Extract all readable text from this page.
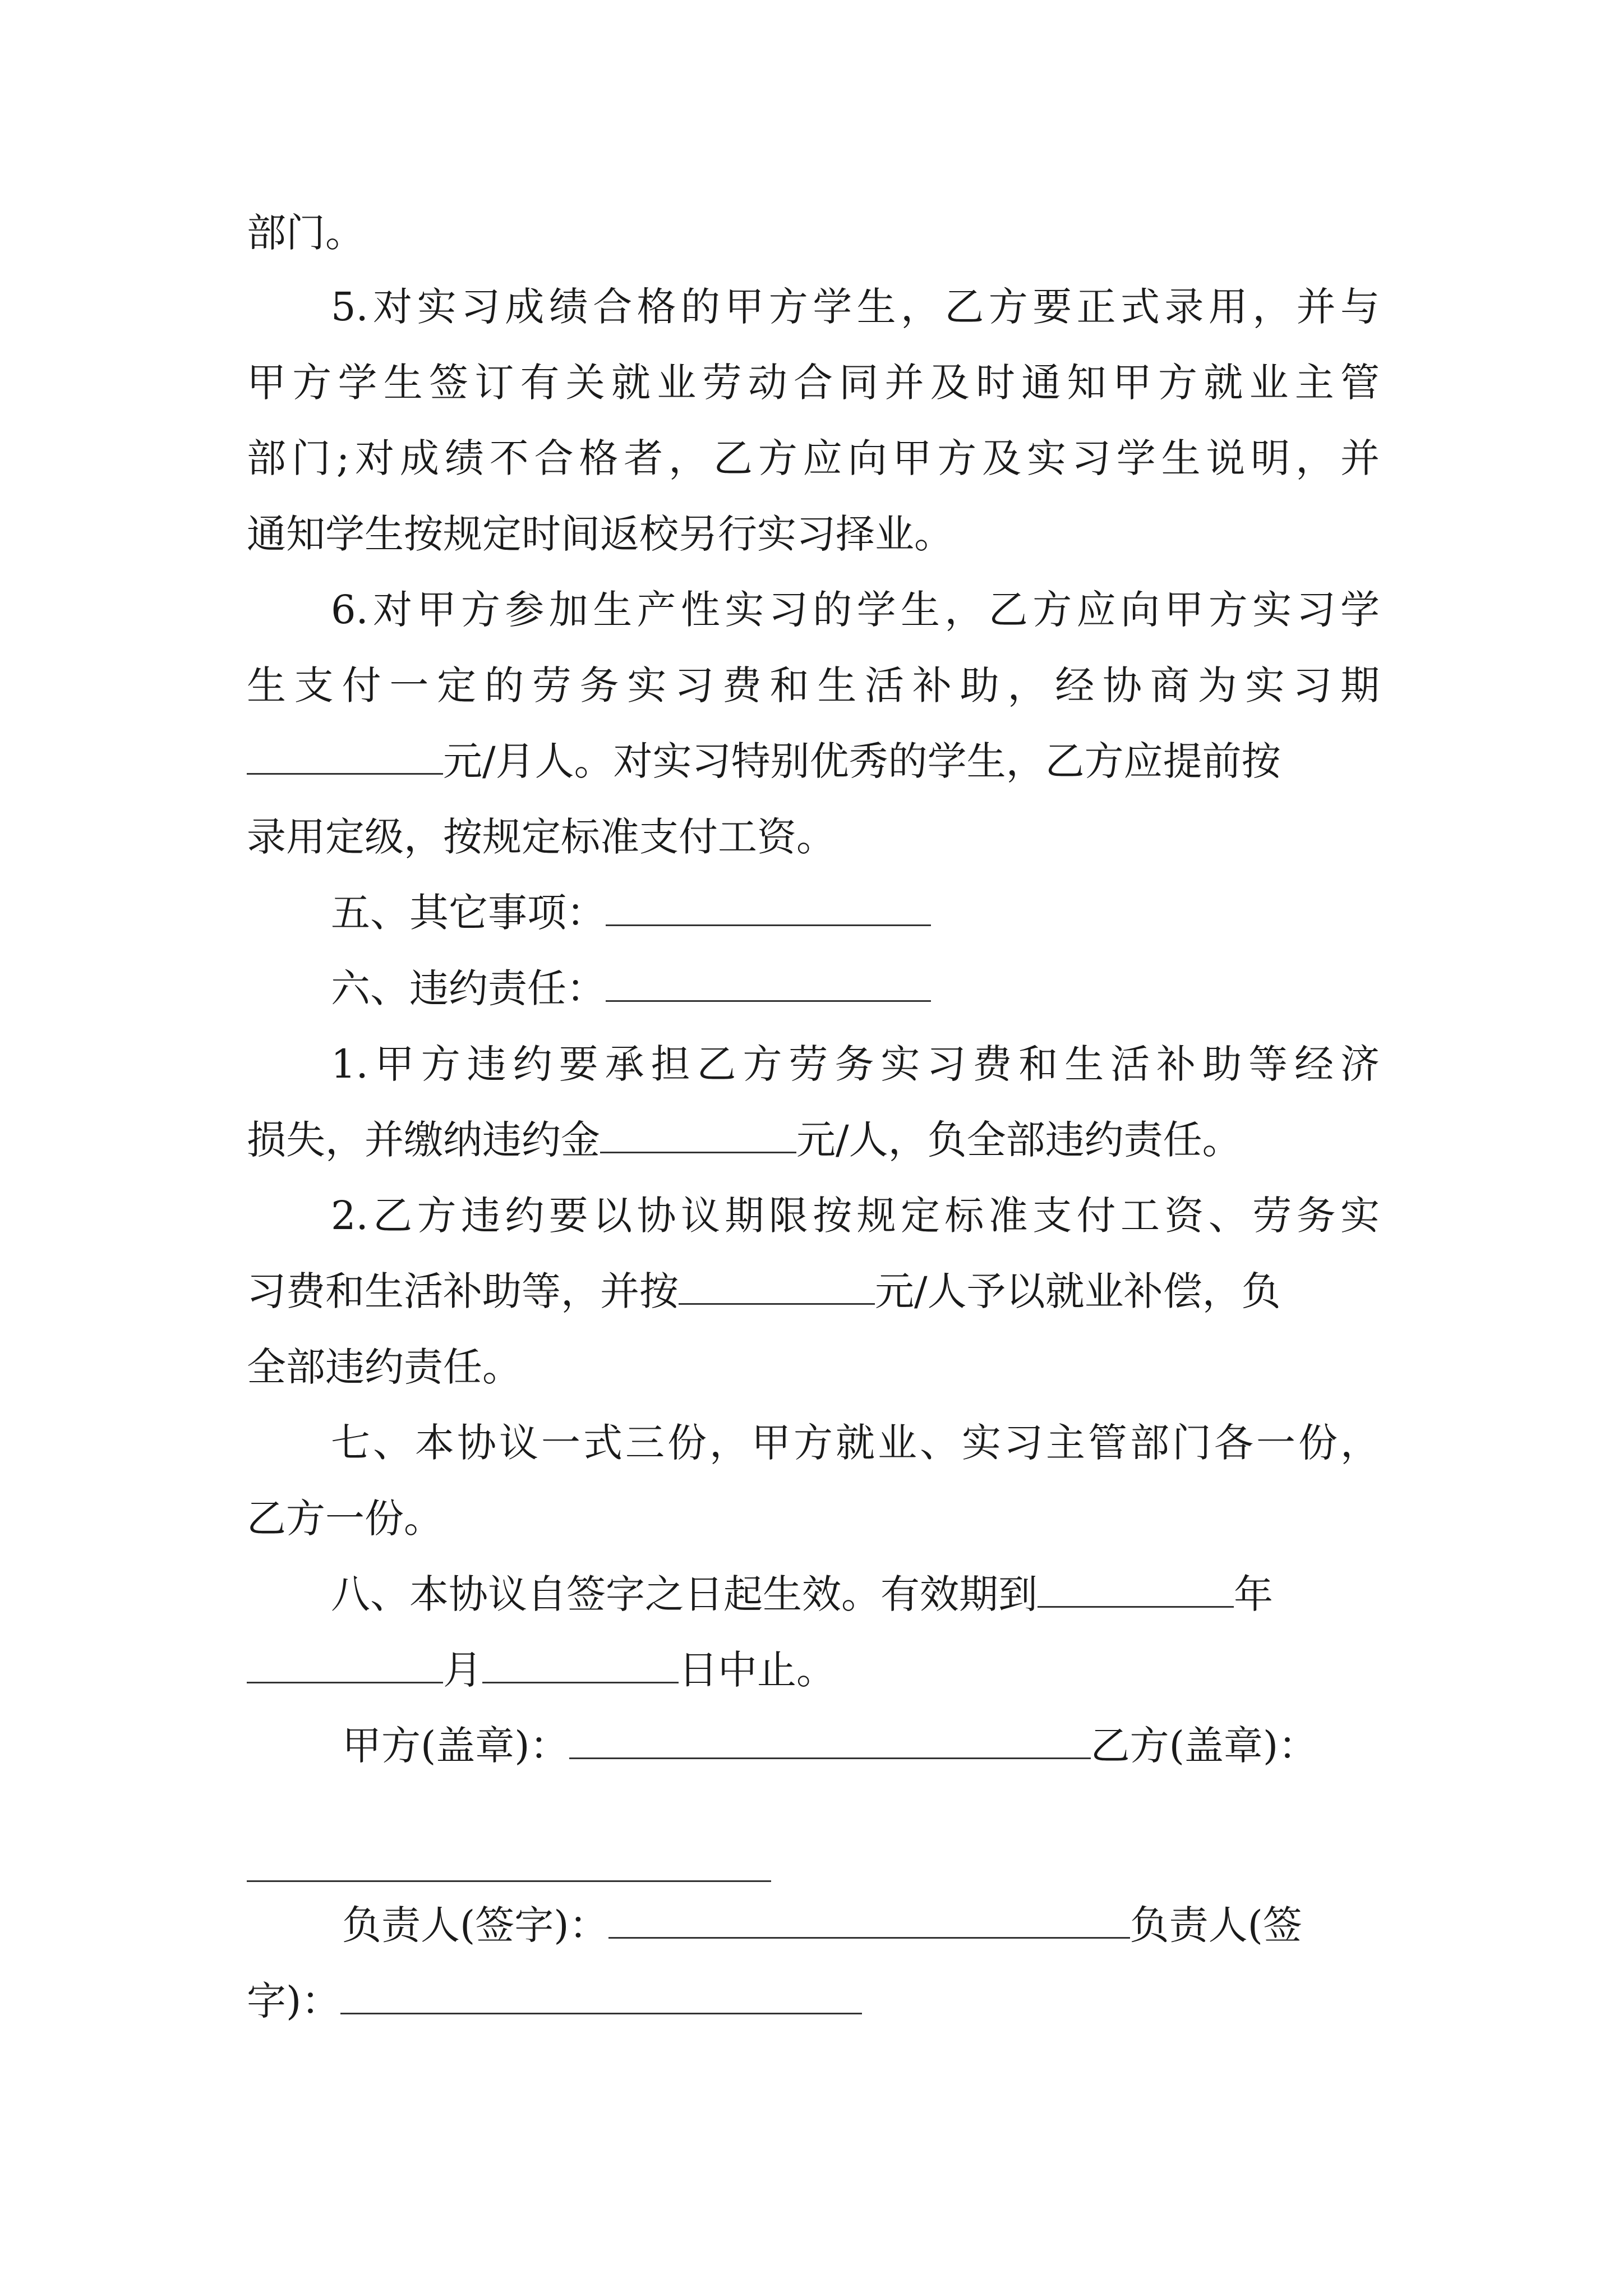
部门。
5.对实习成绩合格的甲方学生，乙方要正式录用，并与
甲方学生签订有关就业劳动合同并及时通知甲方就业主管
部门;对成绩不合格者，乙方应向甲方及实习学生说明，并
通知学生按规定时间返校另行实习择业。
6.对甲方参加生产性实习的学生，乙方应向甲方实习学
生支付一定的劳务实习费和生活补助，经协商为实习期
元/月人。对实习特别优秀的学生，乙方应提前按
录用定级，按规定标准支付工资。
五、其它事项：
六、违约责任：
1.甲方违约要承担乙方劳务实习费和生活补助等经济
损失，并缴纳违约金	元/人，负全部违约责任。
2.乙方违约要以协议期限按规定标准支付工资、劳务实
习费和生活补助等，并按	元/人予以就业补偿，负
全部违约责任。
七、本协议一式三份，甲方就业、实习主管部门各一份，
乙方一份。
八、本协议自签字之日起生效。有效期到	年
月	日中止。
甲方(盖章)：	乙方(盖章)：
负责人(签字)：	负责人(签
字)：
